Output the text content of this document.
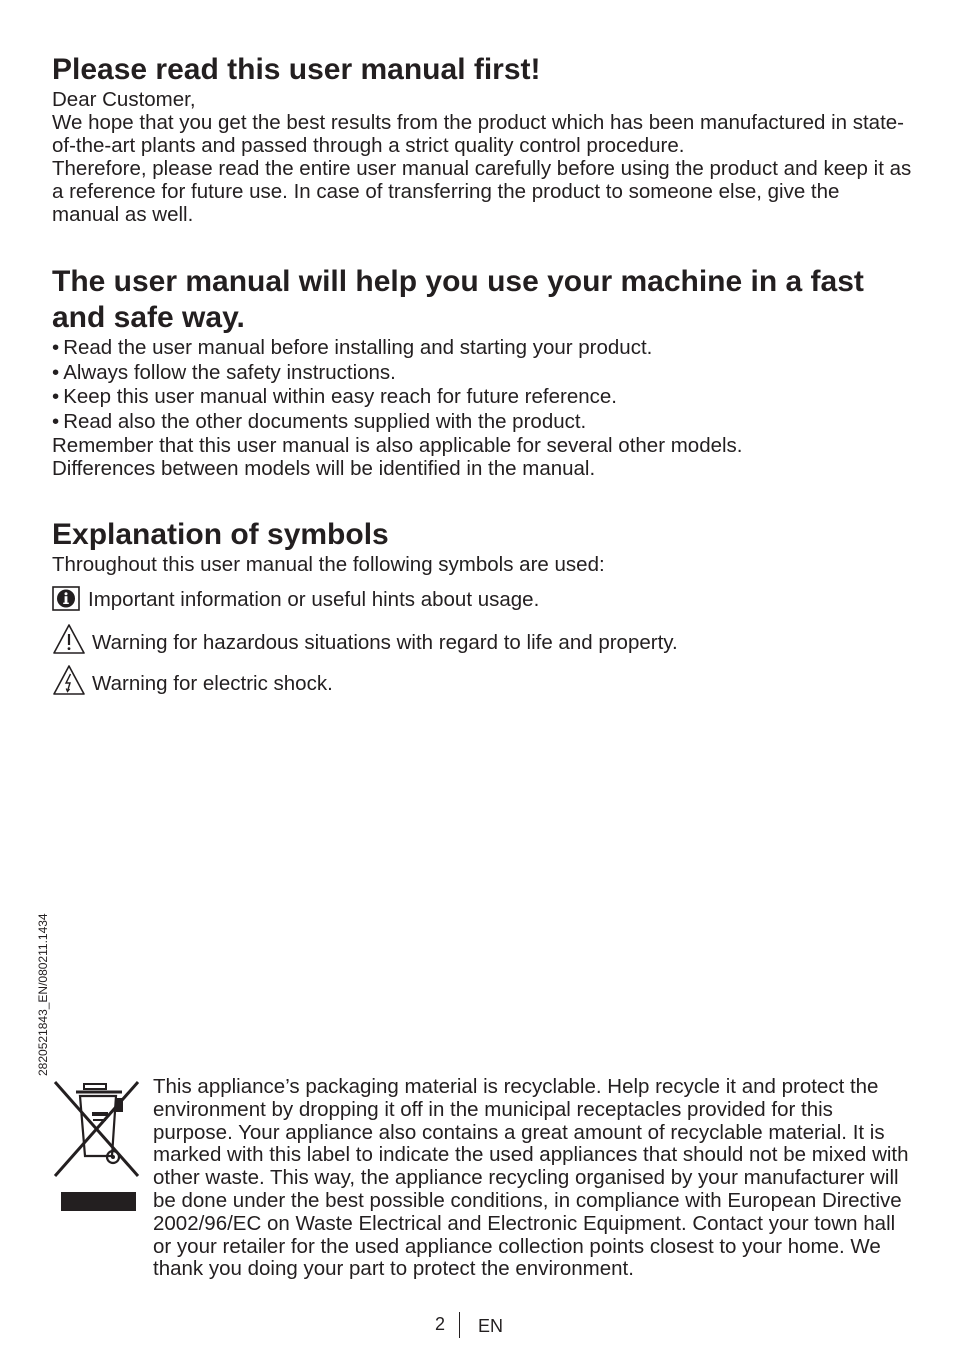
Please read this user manual first!

Dear Customer,

We hope that you get the best results from the product which has been manufactured in state-of-the-art plants and passed through a strict quality control procedure.

Therefore, please read the entire user manual carefully before using the product and keep it as a reference for future use. In case of transferring the product to someone else, give the manual as well.

The user manual will help you use your machine in a fast and safe way.
• Read the user manual before installing and starting your product.
• Always follow the safety instructions.
• Keep this user manual within easy reach for future reference.
• Read also the other documents supplied with the product.

Remember that this user manual is also applicable for several other models.

Differences between models will be identified in the manual.

Explanation of symbols

Throughout this user manual the following symbols are used:

Important information or useful hints about usage.
Warning for hazardous situations with regard to life and property.
Warning for electric shock.
2820521843_EN/080211.1434
This appliance’s packaging material is recyclable. Help recycle it and protect the environment by dropping it off in the municipal receptacles provided for this purpose. Your appliance also contains a great amount of recyclable material. It is marked with this label to indicate the used appliances that should not be mixed with other waste. This way, the appliance recycling organised by your manufacturer will be done under the best possible conditions, in compliance with European Directive 2002/96/EC on Waste Electrical and Electronic Equipment. Contact your town hall or your retailer for the used appliance collection points closest to your home. We thank you doing your part to protect the environment.
2 EN
